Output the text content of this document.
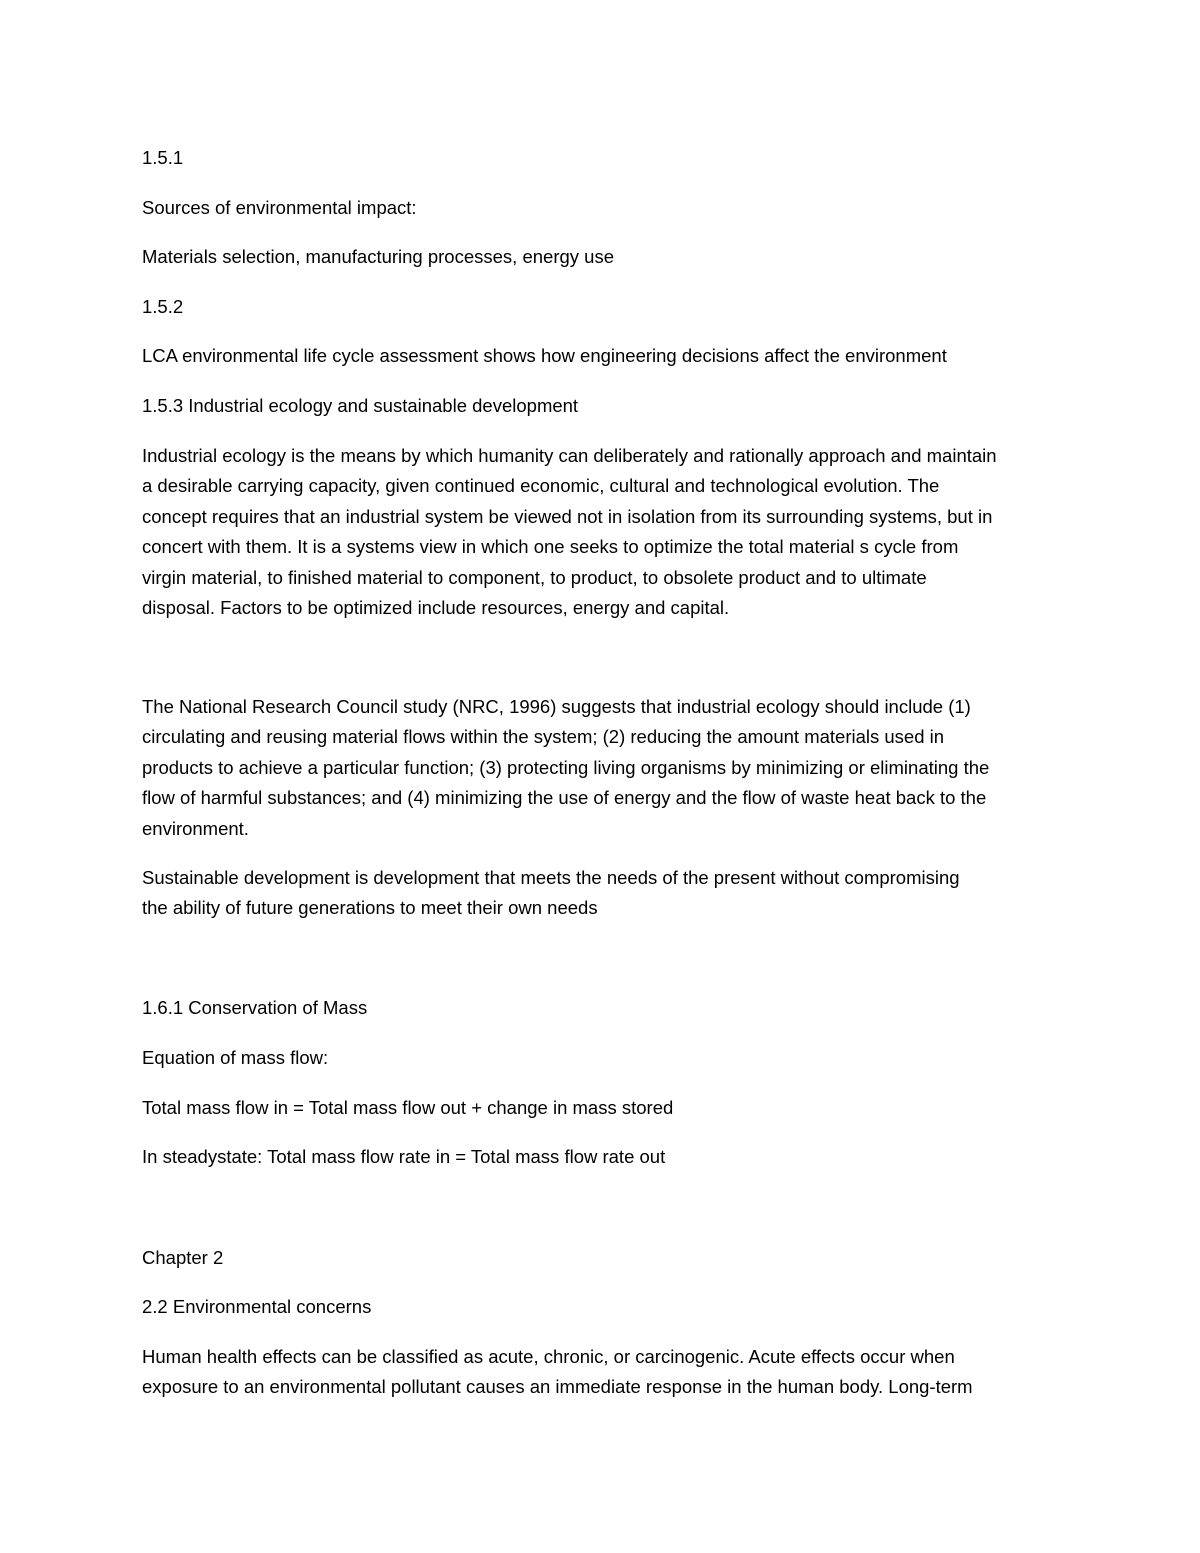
1.5.1

Sources of environmental impact:

Materials selection, manufacturing processes, energy use

1.5.2

LCA environmental life cycle assessment shows how engineering decisions affect the environment

1.5.3 Industrial ecology and sustainable development

Industrial ecology is the means by which humanity can deliberately and rationally approach and maintain
a desirable carrying capacity, given continued economic, cultural and technological evolution. The
concept requires that an industrial system be viewed not in isolation from its surrounding systems, but in
concert with them. It is a systems view in which one seeks to optimize the total material s cycle from
virgin material, to finished material to component, to product, to obsolete product and to ultimate
disposal. Factors to be optimized include resources, energy and capital.

The National Research Council study (NRC, 1996) suggests that industrial ecology should include (1)
circulating and reusing material flows within the system; (2) reducing the amount materials used in
products to achieve a particular function; (3) protecting living organisms by minimizing or eliminating the
flow of harmful substances; and (4) minimizing the use of energy and the flow of waste heat back to the
environment.

Sustainable development is development that meets the needs of the present without compromising
the ability of future generations to meet their own needs

1.6.1 Conservation of Mass

Equation of mass flow:

Total mass flow in = Total mass flow out + change in mass stored

In steadystate: Total mass flow rate in = Total mass flow rate out

Chapter 2

2.2 Environmental concerns

Human health effects can be classified as acute, chronic, or carcinogenic. Acute effects occur when
exposure to an environmental pollutant causes an immediate response in the human body. Long-term
